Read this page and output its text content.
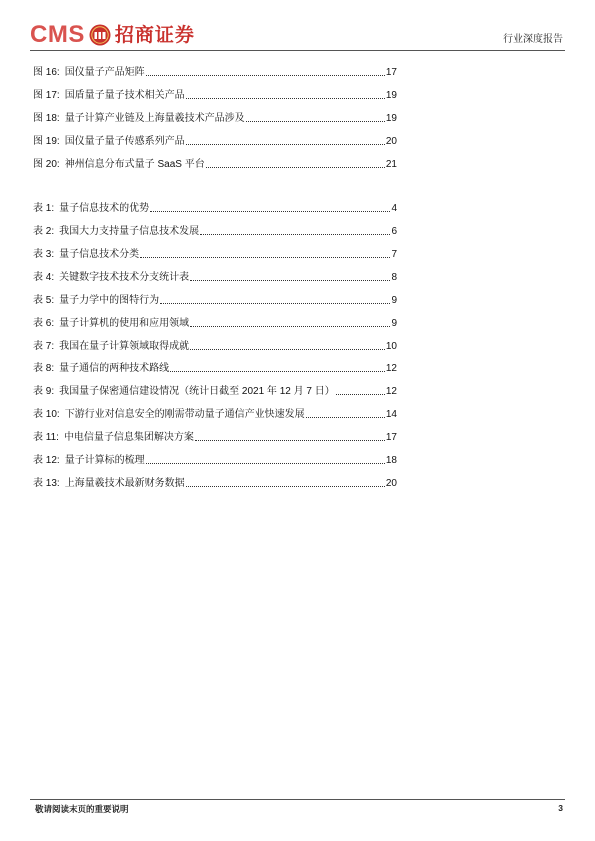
CMS 招商证券	行业深度报告
图 16: 国仪量子产品矩阵	17
图 17: 国盾量子量子技术相关产品	19
图 18: 量子计算产业链及上海量羲技术产品涉及	19
图 19: 国仪量子量子传感系列产品	20
图 20: 神州信息分布式量子 SaaS 平台	21
表 1: 量子信息技术的优势	4
表 2: 我国大力支持量子信息技术发展	6
表 3: 量子信息技术分类	7
表 4: 关键数字技术技术分支统计表	8
表 5: 量子力学中的图特行为	9
表 6: 量子计算机的使用和应用领域	9
表 7: 我国在量子计算领域取得成就	10
表 8: 量子通信的两种技术路线	12
表 9: 我国量子保密通信建设情况（统计日截至 2021 年 12 月 7 日）	12
表 10: 下游行业对信息安全的刚需带动量子通信产业快速发展	14
表 11: 中电信量子信息集团解决方案	17
表 12: 量子计算标的梳理	18
表 13: 上海量羲技术最新财务数据	20
敬请阅读末页的重要说明	3
